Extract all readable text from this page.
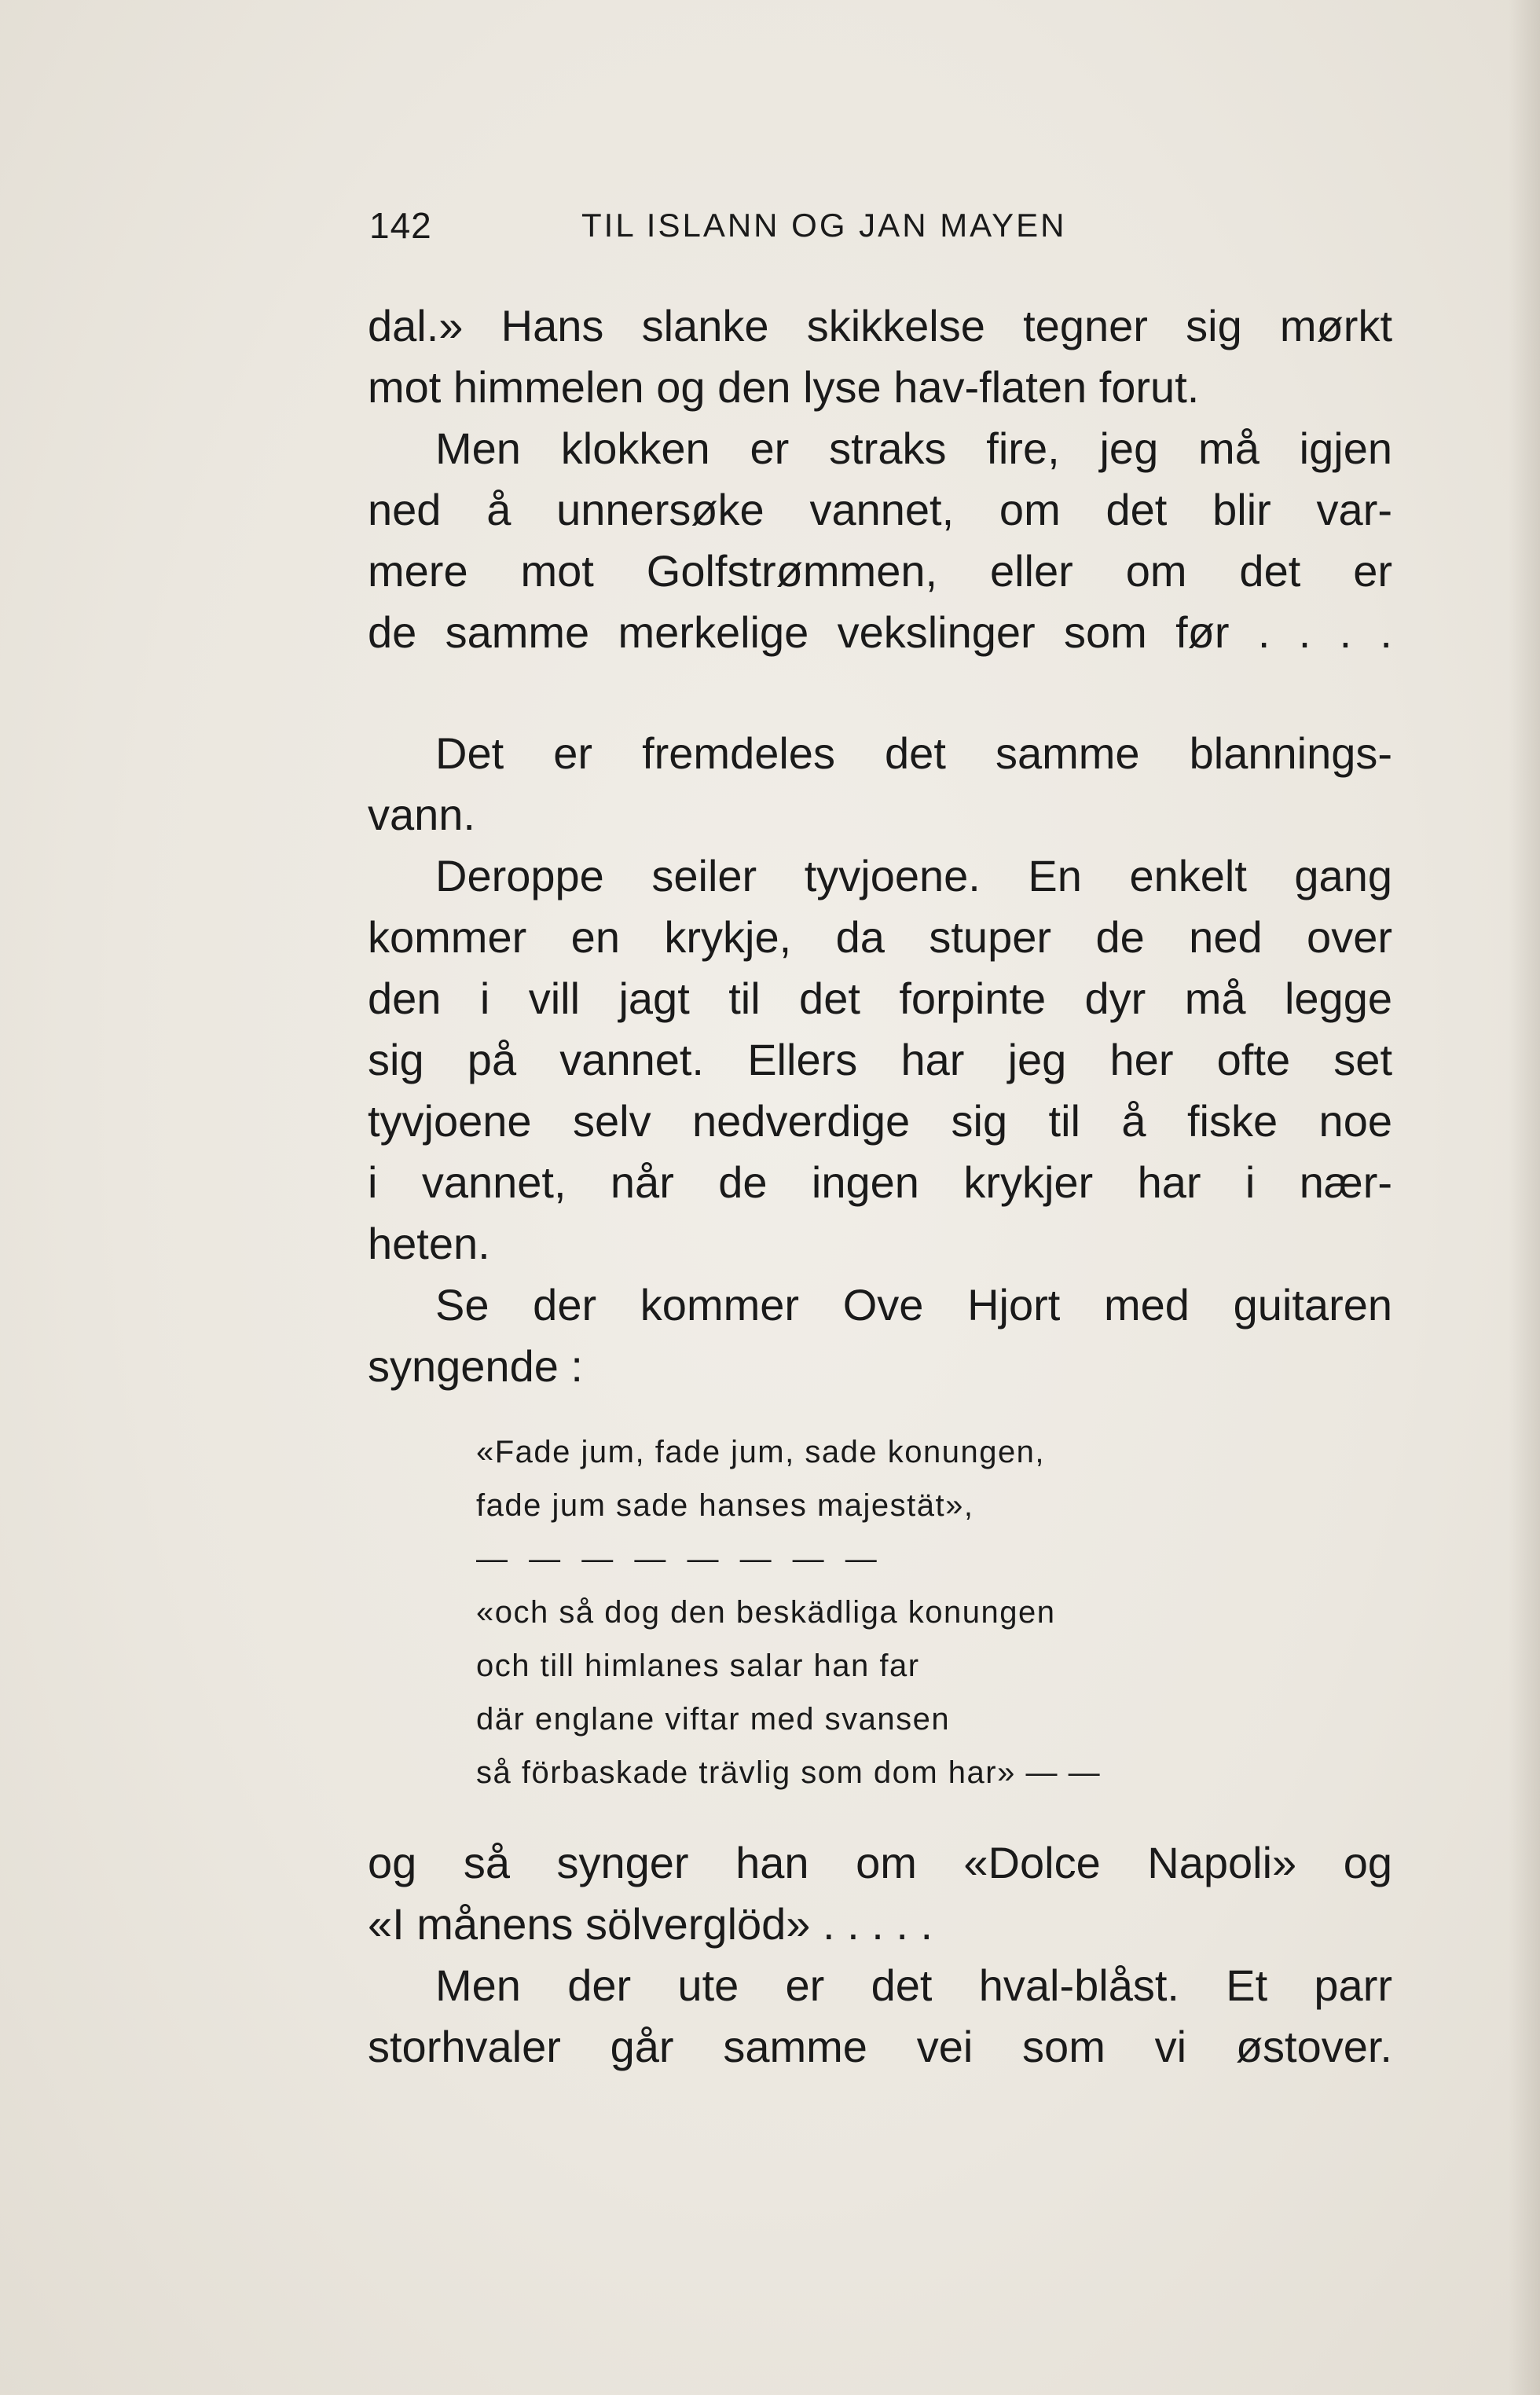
142	TIL ISLANN OG JAN MAYEN
dal.» Hans slanke skikkelse tegner sig mørkt
mot himmelen og den lyse hav-flaten forut.
Men klokken er straks fire, jeg må igjen
ned å unnersøke vannet, om det blir var-
mere mot Golfstrømmen, eller om det er
de samme merkelige vekslinger som før . . . .
Det er fremdeles det samme blannings-
vann.
Deroppe seiler tyvjoene. En enkelt gang
kommer en krykje, da stuper de ned over
den i vill jagt til det forpinte dyr må legge
sig på vannet. Ellers har jeg her ofte set
tyvjoene selv nedverdige sig til å fiske noe
i vannet, når de ingen krykjer har i nær-
heten.
Se der kommer Ove Hjort med guitaren
syngende :
«Fade jum, fade jum, sade konungen,
fade jum sade hanses majestät»,
— — — — — — — —
«och så dog den beskädliga konungen
och till himlanes salar han far
där englane viftar med svansen
så förbaskade trävlig som dom har» — —
og så synger han om «Dolce Napoli» og
«I månens sölverglöd» . . . . .
Men der ute er det hval-blåst. Et parr
storhvaler går samme vei som vi østover.
